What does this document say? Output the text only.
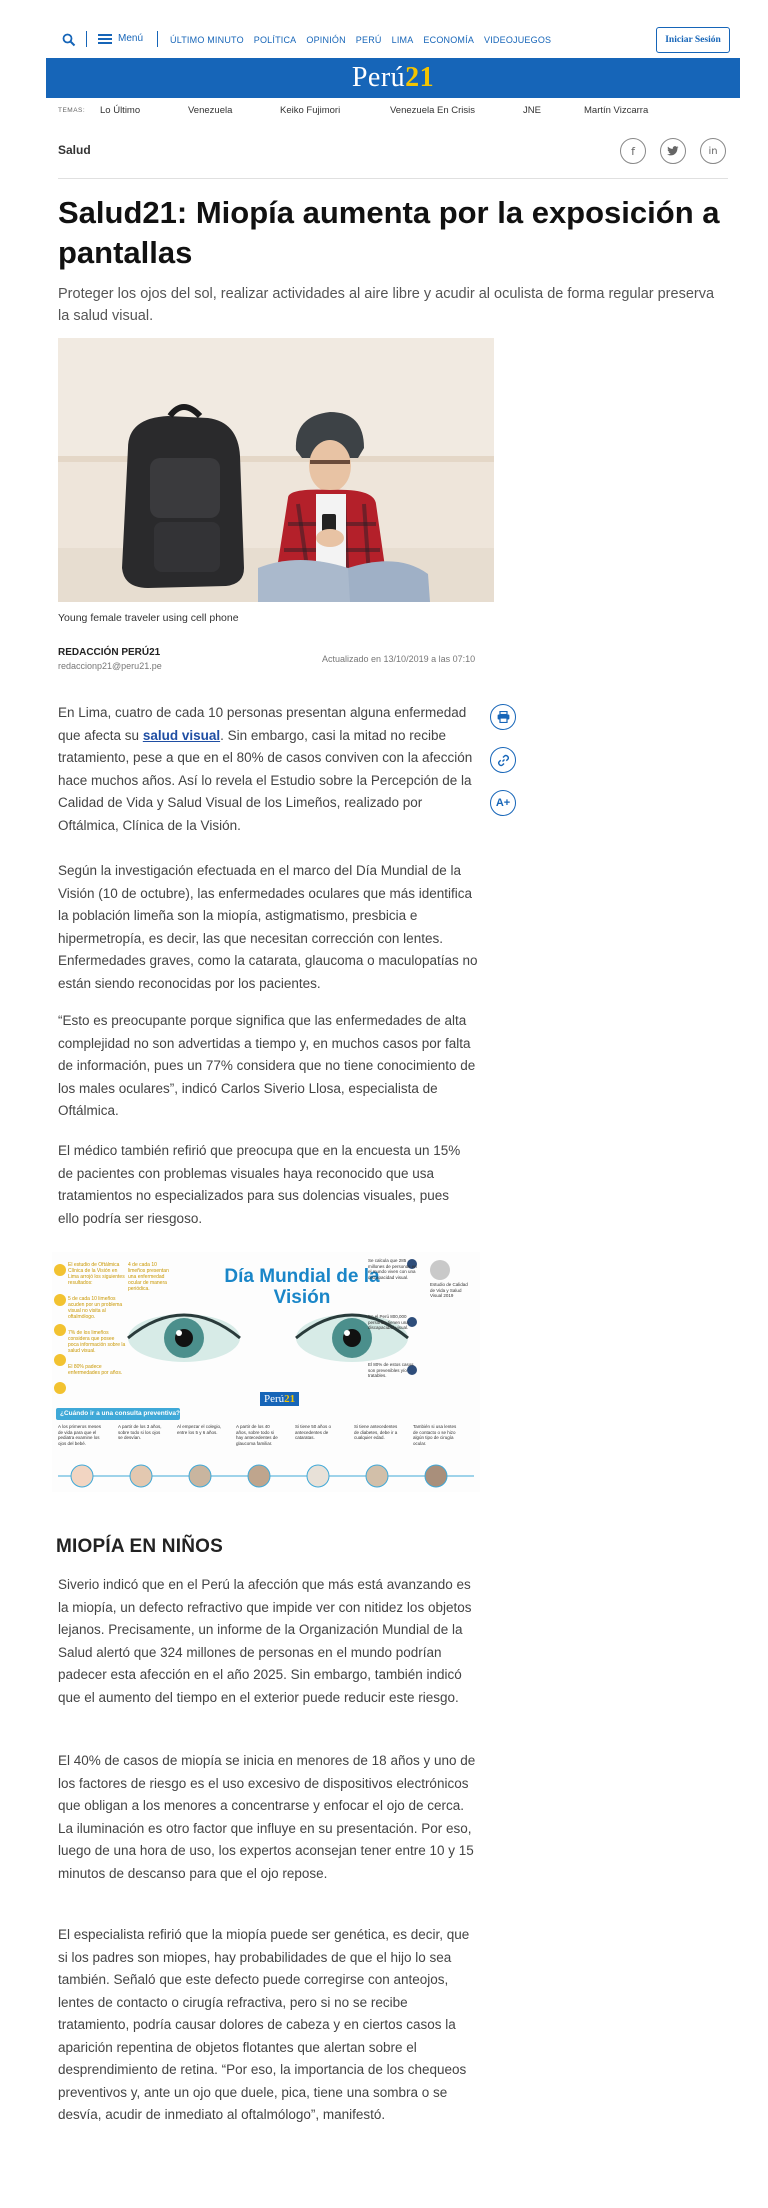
Menú	ÚLTIMO MINUTO POLÍTICA OPINIÓN PERÚ LIMA ECONOMÍA VIDEOJUEGOS	Iniciar Sesión
Perú21
TEMAS:	Lo Último	Venezuela	Keiko Fujimori	Venezuela En Crisis	JNE	Martín Vizcarra
Salud	f	in
Salud21: Miopía aumenta por la exposición a pantallas

Proteger los ojos del sol, realizar actividades al aire libre y acudir al oculista de forma regular preserva la salud visual.

Young female traveler using cell phone
REDACCIÓN PERÚ21
redaccionp21@peru21.pe
Actualizado en 13/10/2019 a las 07:10
A+

En Lima, cuatro de cada 10 personas presentan alguna enfermedad que afecta su salud visual. Sin embargo, casi la mitad no recibe tratamiento, pese a que en el 80% de casos conviven con la afección hace muchos años. Así lo revela el Estudio sobre la Percepción de la Calidad de Vida y Salud Visual de los Limeños, realizado por Oftálmica, Clínica de la Visión.

Según la investigación efectuada en el marco del Día Mundial de la Visión (10 de octubre), las enfermedades oculares que más identifica la población limeña son la miopía, astigmatismo, presbicia e hipermetropía, es decir, las que necesitan corrección con lentes. Enfermedades graves, como la catarata, glaucoma o maculopatías no están siendo reconocidas por los pacientes.

“Esto es preocupante porque significa que las enfermedades de alta complejidad no son advertidas a tiempo y, en muchos casos por falta de información, pues un 77% considera que no tiene conocimiento de los males oculares”, indicó Carlos Siverio Llosa, especialista de Oftálmica.

El médico también refirió que preocupa que en la encuesta un 15% de pacientes con problemas visuales haya reconocido que usa tratamientos no especializados para sus dolencias visuales, pues ello podría ser riesgoso.

Día Mundial de la Visión
Perú21
¿Cuándo ir a una consulta preventiva?
El estudio de Oftálmica Clínica de la Visión en Lima arrojó los siguientes resultados:
4 de cada 10 limeños presentan una enfermedad ocular de manera periódica.
5 de cada 10 limeños acuden por un problema visual no visita al oftalmólogo.
7% de los limeños considera que posee poca información sobre la salud visual.
El 80% padece enfermedades por años.
Se calcula que 285 millones de personas en el mundo viven con una discapacidad visual.
En el Perú 800,000 personas tienen una discapacidad visual.
El 80% de estos casos son prevenibles y/o tratables.
Estudio de Calidad de Vida y Salud Visual 2019
A los primeros meses de vida para que el pediatra examine los ojos del bebé.
A partir de los 3 años, sobre todo si los ojos se desvían.
Al empezar el colegio, entre los 5 y 6 años.
A partir de los 40 años, sobre todo si hay antecedentes de glaucoma familiar.
Si tiene 50 años o antecedentes de cataratas.
Si tiene antecedentes de diabetes, debe ir a cualquier edad.
También si usa lentes de contacto o se hizo algún tipo de cirugía ocular.
MIOPÍA EN NIÑOS

Siverio indicó que en el Perú la afección que más está avanzando es la miopía, un defecto refractivo que impide ver con nitidez los objetos lejanos. Precisamente, un informe de la Organización Mundial de la Salud alertó que 324 millones de personas en el mundo podrían padecer esta afección en el año 2025. Sin embargo, también indicó que el aumento del tiempo en el exterior puede reducir este riesgo.

El 40% de casos de miopía se inicia en menores de 18 años y uno de los factores de riesgo es el uso excesivo de dispositivos electrónicos que obligan a los menores a concentrarse y enfocar el ojo de cerca. La iluminación es otro factor que influye en su presentación. Por eso, luego de una hora de uso, los expertos aconsejan tener entre 10 y 15 minutos de descanso para que el ojo repose.

El especialista refirió que la miopía puede ser genética, es decir, que si los padres son miopes, hay probabilidades de que el hijo lo sea también. Señaló que este defecto puede corregirse con anteojos, lentes de contacto o cirugía refractiva, pero si no se recibe tratamiento, podría causar dolores de cabeza y en ciertos casos la aparición repentina de objetos flotantes que alertan sobre el desprendimiento de retina. “Por eso, la importancia de los chequeos preventivos y, ante un ojo que duele, pica, tiene una sombra o se desvía, acudir de inmediato al oftalmólogo”, manifestó.
